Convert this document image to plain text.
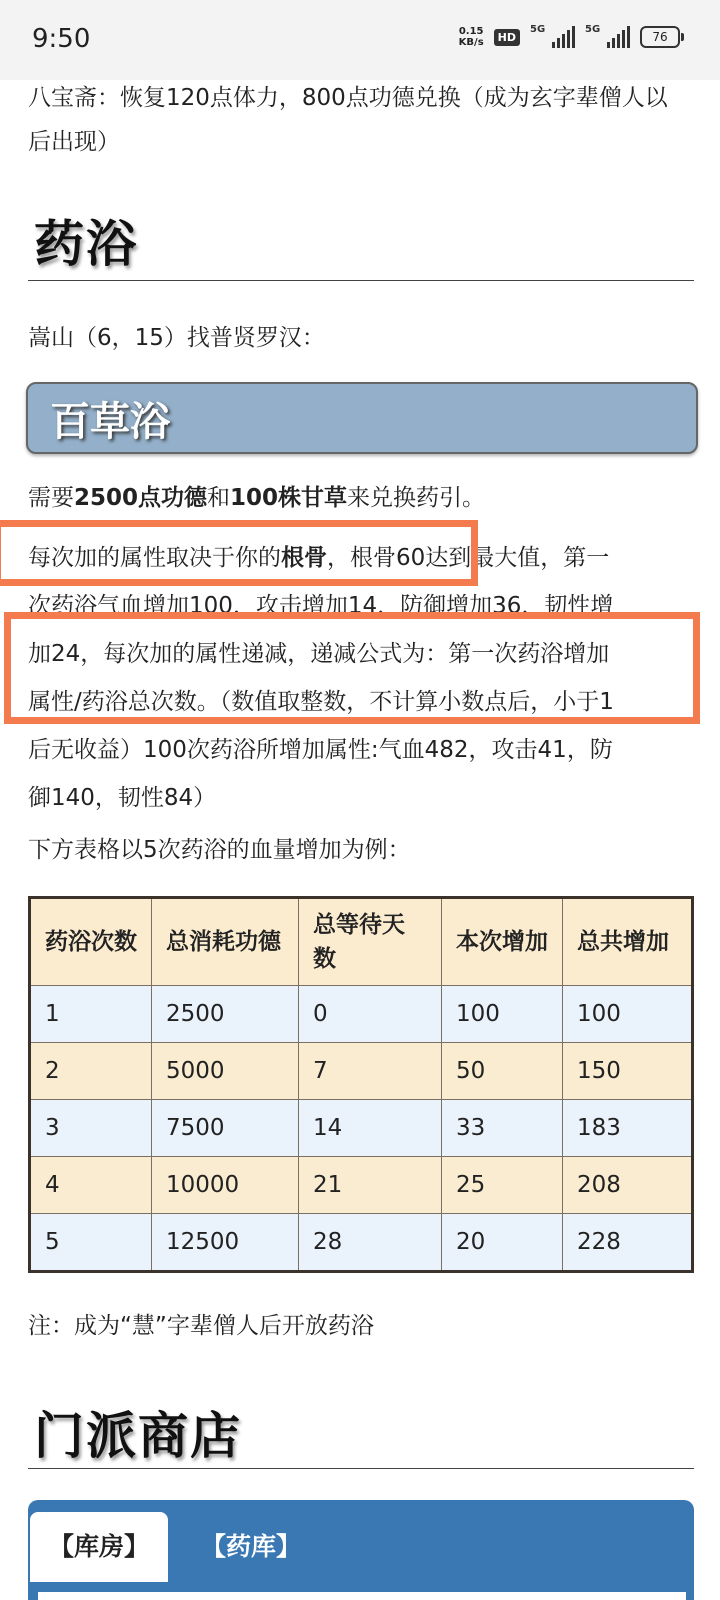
9:50	0.15
KB/s	HD
5G	5G
76
八宝斋：恢复120点体力，800点功德兑换（成为玄字辈僧人以后出现）
药浴
嵩山（6，15）找普贤罗汉：
百草浴
需要2500点功德和100株甘草来兑换药引。
每次加的属性取决于你的根骨，根骨60达到最大值，第一
次药浴气血增加100，攻击增加14，防御增加36，韧性增
加24，每次加的属性递减，递减公式为：第一次药浴增加
属性/药浴总次数。（数值取整数，不计算小数点后，小于1
后无收益）100次药浴所增加属性:气血482，攻击41，防
御140，韧性84）
下方表格以5次药浴的血量增加为例：
药浴次数	总消耗功德	总等待天数	本次增加	总共增加
1	2500	0	100	100
2	5000	7	50	150
3	7500	14	33	183
4	10000	21	25	208
5	12500	28	20	228
注：成为“慧”字辈僧人后开放药浴
门派商店
【库房】	【药库】
